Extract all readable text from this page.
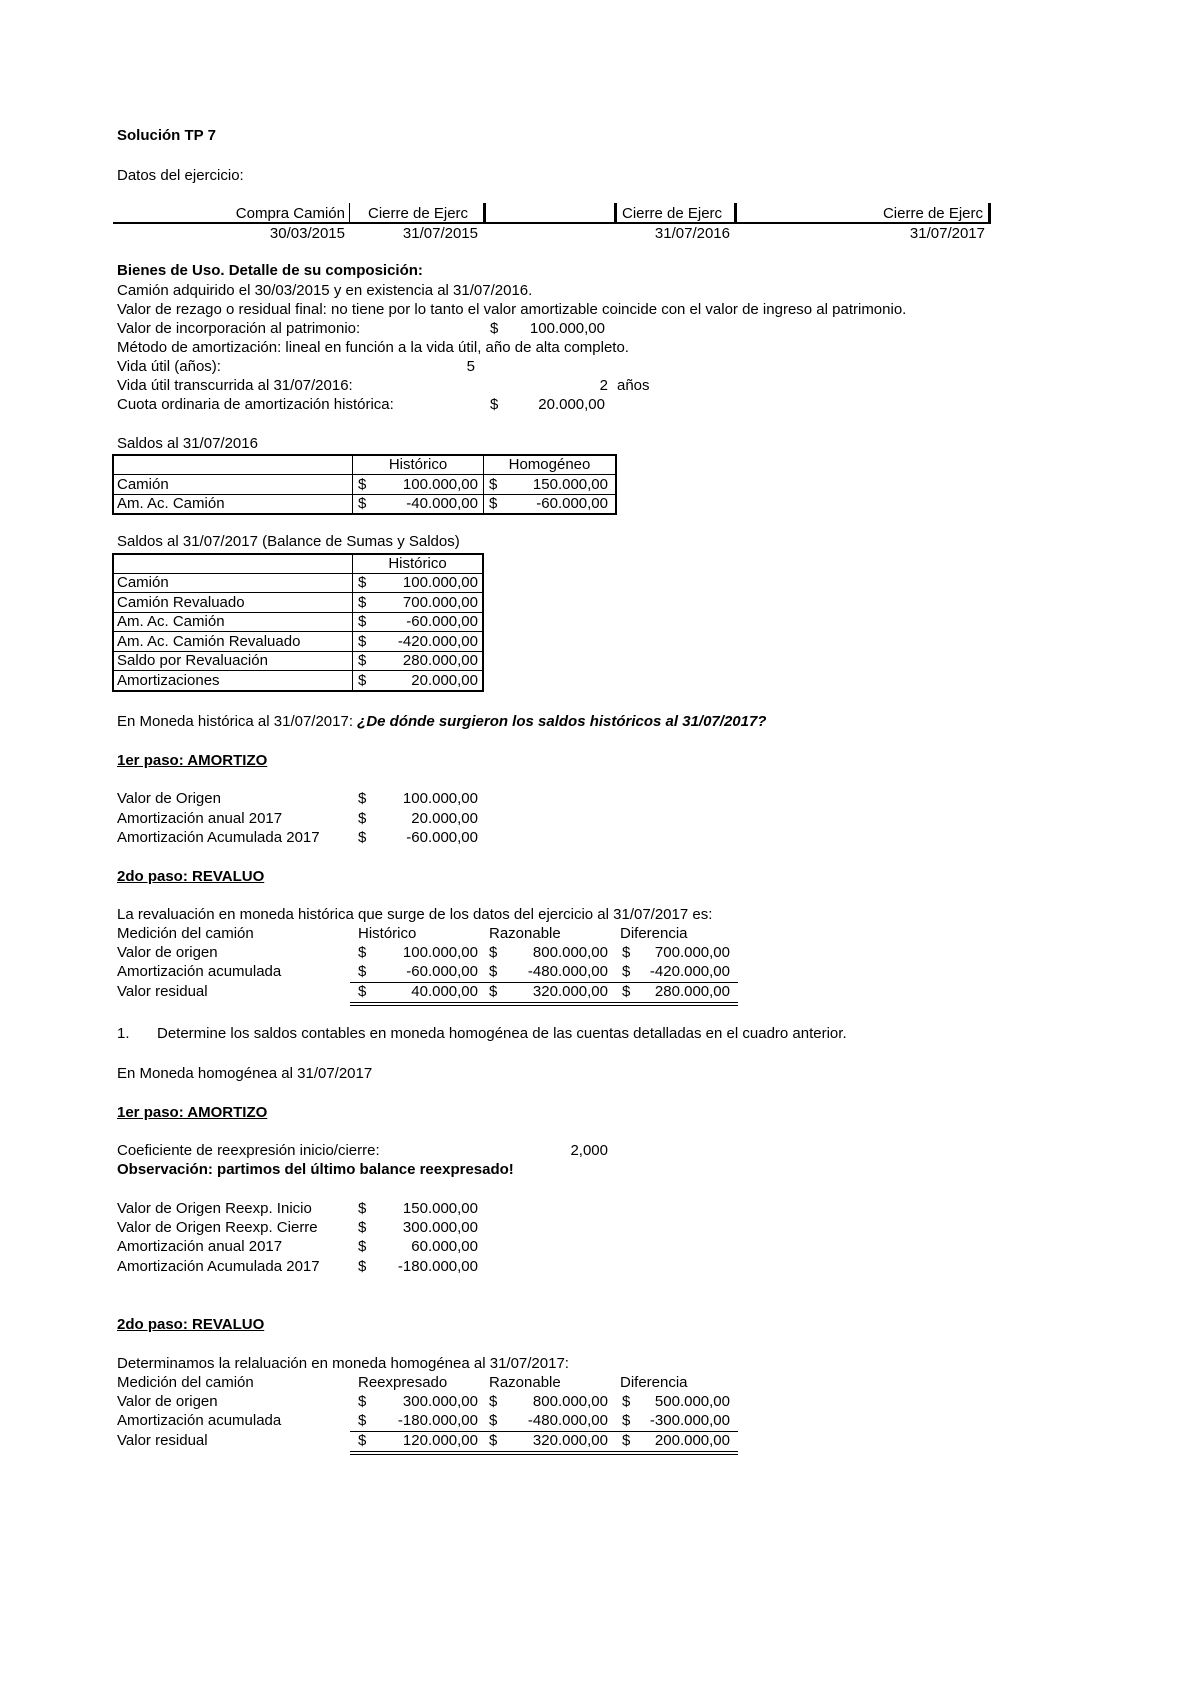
Solución TP 7
Datos del ejercicio:
Compra Camión Cierre de Ejerc	Cierre de Ejerc	Cierre de Ejerc
30/03/2015	31/07/2015	31/07/2016	31/07/2017
Bienes de Uso. Detalle de su composición:
Camión adquirido el 30/03/2015 y en existencia al 31/07/2016.
Valor de rezago o residual final: no tiene por lo tanto el valor amortizable coincide con el valor de ingreso al patrimonio.
Valor de incorporación al patrimonio:	$	100.000,00
Método de amortización: lineal en función a la vida útil, año de alta completo.
Vida útil (años):	5
Vida útil transcurrida al 31/07/2016:	2 años
Cuota ordinaria de amortización histórica:	$	20.000,00
Saldos al 31/07/2016
Histórico	Homogéneo
Camión	$	100.000,00 $	150.000,00
Am. Ac. Camión	$	-40.000,00 $	-60.000,00
Saldos al 31/07/2017 (Balance de Sumas y Saldos)
Histórico
Camión	$	100.000,00
Camión Revaluado	$	700.000,00
Am. Ac. Camión	$	-60.000,00
Am. Ac. Camión Revaluado	$	-420.000,00
Saldo por Revaluación	$	280.000,00
Amortizaciones	$	20.000,00
En Moneda histórica al 31/07/2017: ¿De dónde surgieron los saldos históricos al 31/07/2017?
1er paso: AMORTIZO
Valor de Origen	$	100.000,00
Amortización anual 2017	$	20.000,00
Amortización Acumulada 2017	$	-60.000,00
2do paso: REVALUO
La revaluación en moneda histórica que surge de los datos del ejercicio al 31/07/2017 es:
Medición del camión	Histórico	Razonable	Diferencia
Valor de origen	$	100.000,00 $	800.000,00 $	700.000,00
Amortización acumulada	$	-60.000,00 $	-480.000,00 $	-420.000,00
Valor residual	$	40.000,00 $	320.000,00 $	280.000,00
1. Determine los saldos contables en moneda homogénea de las cuentas detalladas en el cuadro anterior.
En Moneda homogénea al 31/07/2017
1er paso: AMORTIZO
Coeficiente de reexpresión inicio/cierre:	2,000
Observación: partimos del último balance reexpresado!
Valor de Origen Reexp. Inicio	$	150.000,00
Valor de Origen Reexp. Cierre	$	300.000,00
Amortización anual 2017	$	60.000,00
Amortización Acumulada 2017	$	-180.000,00
2do paso: REVALUO
Determinamos la relaluación en moneda homogénea al 31/07/2017:
Medición del camión	Reexpresado	Razonable	Diferencia
Valor de origen	$	300.000,00 $	800.000,00 $	500.000,00
Amortización acumulada	$	-180.000,00 $	-480.000,00 $	-300.000,00
Valor residual	$	120.000,00 $	320.000,00 $	200.000,00
